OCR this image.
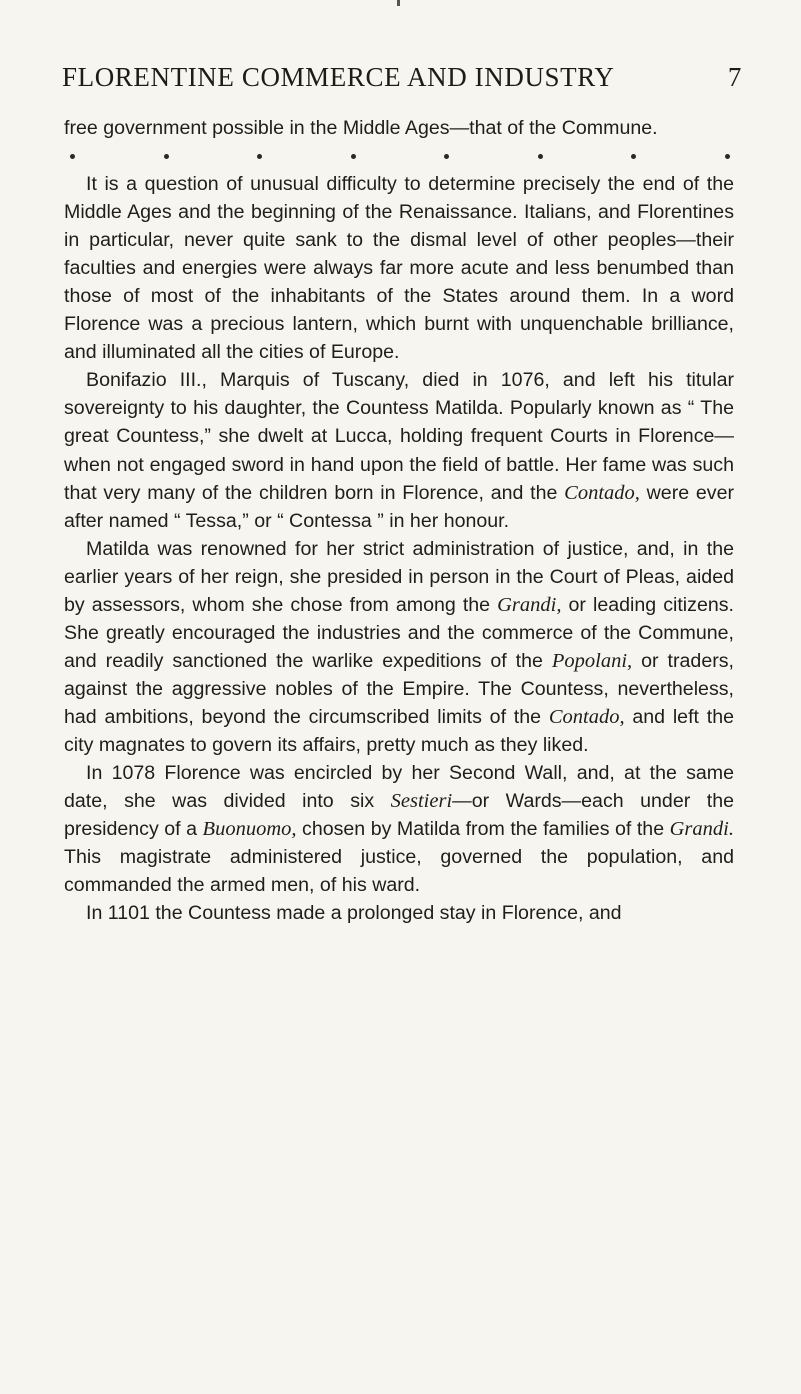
FLORENTINE COMMERCE AND INDUSTRY	7

free government possible in the Middle Ages—that of the Commune.

It is a question of unusual difficulty to determine precisely the end of the Middle Ages and the beginning of the Renaissance. Italians, and Florentines in particular, never quite sank to the dismal level of other peoples—their faculties and energies were always far more acute and less benumbed than those of most of the inhabitants of the States around them. In a word Florence was a precious lantern, which burnt with unquenchable brilliance, and illuminated all the cities of Europe.

Bonifazio III., Marquis of Tuscany, died in 1076, and left his titular sovereignty to his daughter, the Countess Matilda. Popularly known as “ The great Countess,” she dwelt at Lucca, holding frequent Courts in Florence—when not engaged sword in hand upon the field of battle. Her fame was such that very many of the children born in Florence, and the Contado, were ever after named “ Tessa,” or “ Contessa ” in her honour.

Matilda was renowned for her strict administration of justice, and, in the earlier years of her reign, she presided in person in the Court of Pleas, aided by assessors, whom she chose from among the Grandi, or leading citizens. She greatly encouraged the industries and the commerce of the Commune, and readily sanctioned the warlike expeditions of the Popolani, or traders, against the aggressive nobles of the Empire. The Countess, nevertheless, had ambitions, beyond the circumscribed limits of the Contado, and left the city magnates to govern its affairs, pretty much as they liked.

In 1078 Florence was encircled by her Second Wall, and, at the same date, she was divided into six Sestieri—or Wards—each under the presidency of a Buonuomo, chosen by Matilda from the families of the Grandi. This magistrate administered justice, governed the population, and commanded the armed men, of his ward.

In 1101 the Countess made a prolonged stay in Florence, and
